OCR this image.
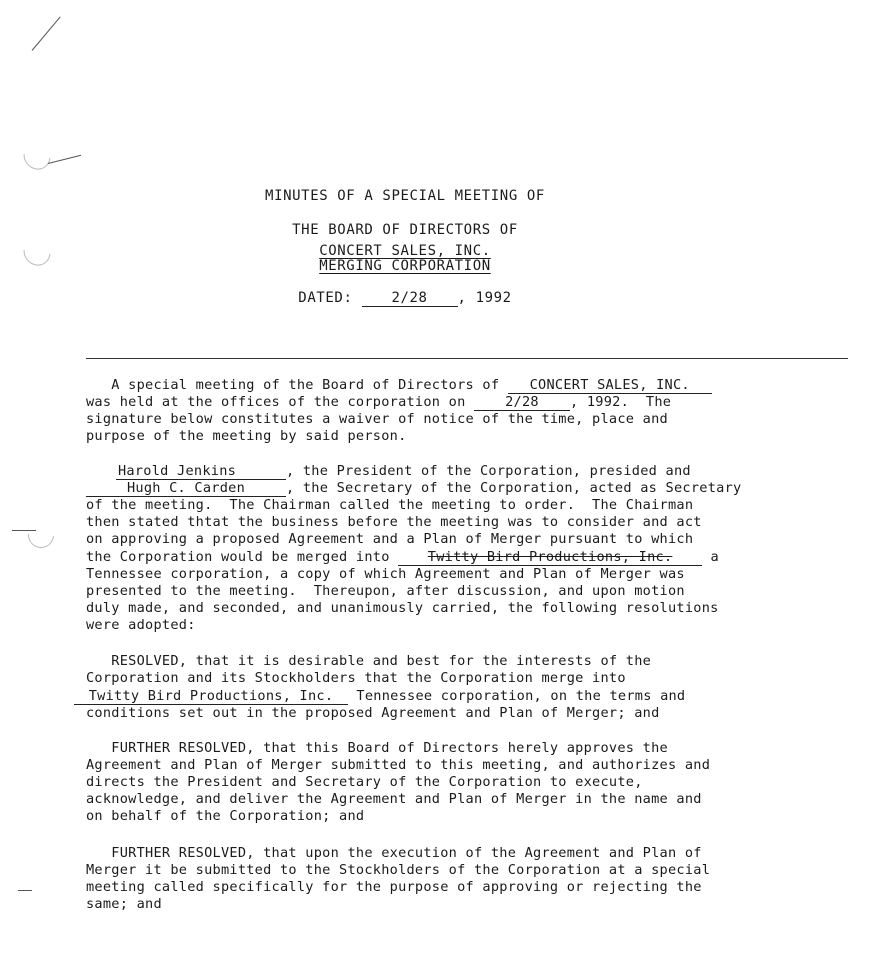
MINUTES OF A SPECIAL MEETING OF
THE BOARD OF DIRECTORS OF
CONCERT SALES, INC.
MERGING CORPORATION
DATED:	2/28 , 1992
A special meeting of the Board of Directors of CONCERT SALES, INC.
was held at the offices of the corporation on 2/28 , 1992.  The
signature below constitutes a waiver of notice of the time, place and
purpose of the meeting by said person.
Harold Jenkins	, the President of the Corporation, presided and
Hugh C. Carden	, the Secretary of the Corporation, acted as Secretary
of the meeting.  The Chairman called the meeting to order.  The Chairman
then stated thtat the business before the meeting was to consider and act
on approving a proposed Agreement and a Plan of Merger pursuant to which
the Corporation would be merged into Twitty Bird Productions, Inc. a
Tennessee corporation, a copy of which Agreement and Plan of Merger was
presented to the meeting.  Thereupon, after discussion, and upon motion
duly made, and seconded, and unanimously carried, the following resolutions
were adopted:
RESOLVED, that it is desirable and best for the interests of the
Corporation and its Stockholders that the Corporation merge into
Twitty Bird Productions, Inc. Tennessee corporation, on the terms and
conditions set out in the proposed Agreement and Plan of Merger; and
FURTHER RESOLVED, that this Board of Directors herely approves the
Agreement and Plan of Merger submitted to this meeting, and authorizes and
directs the President and Secretary of the Corporation to execute,
acknowledge, and deliver the Agreement and Plan of Merger in the name and
on behalf of the Corporation; and
FURTHER RESOLVED, that upon the execution of the Agreement and Plan of
Merger it be submitted to the Stockholders of the Corporation at a special
meeting called specifically for the purpose of approving or rejecting the
same; and
